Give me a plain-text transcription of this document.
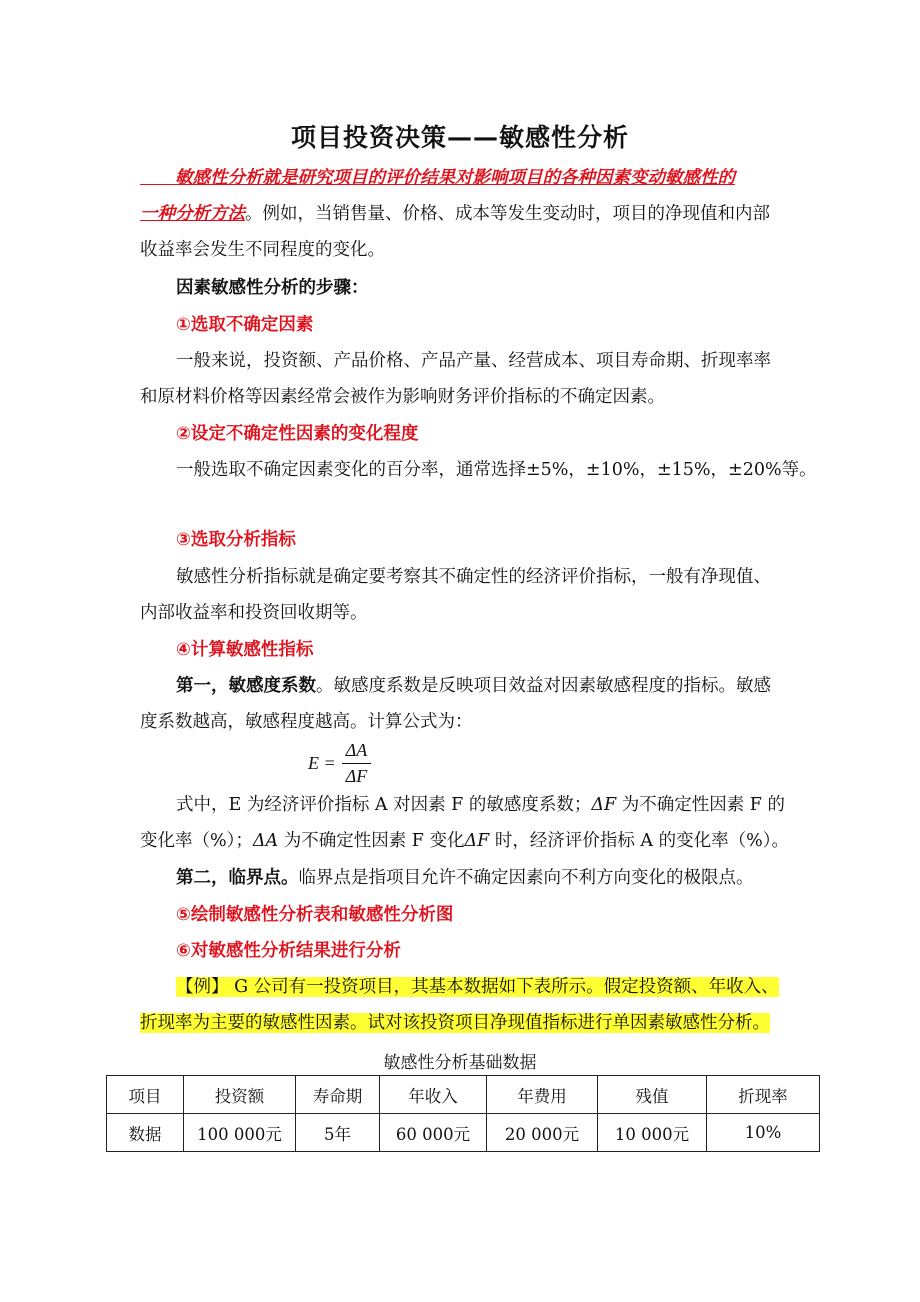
项目投资决策——敏感性分析
  敏感性分析就是研究项目的评价结果对影响项目的各种因素变动敏感性的
一种分析方法。例如，当销售量、价格、成本等发生变动时，项目的净现值和内部
收益率会发生不同程度的变化。
因素敏感性分析的步骤：
①选取不确定因素
一般来说，投资额、产品价格、产品产量、经营成本、项目寿命期、折现率率
和原材料价格等因素经常会被作为影响财务评价指标的不确定因素。
②设定不确定性因素的变化程度
一般选取不确定因素变化的百分率，通常选择±5%，±10%，±15%，±20%等。
③选取分析指标
敏感性分析指标就是确定要考察其不确定性的经济评价指标，一般有净现值、
内部收益率和投资回收期等。
④计算敏感性指标
第一，敏感度系数。敏感度系数是反映项目效益对因素敏感程度的指标。敏感
度系数越高，敏感程度越高。计算公式为：
$E = \frac{\Delta A}{\Delta F}$
式中，E 为经济评价指标 A 对因素 F 的敏感度系数；ΔF 为不确定性因素 F 的
变化率（%）；ΔA 为不确定性因素 F 变化ΔF 时，经济评价指标 A 的变化率（%）。
第二，临界点。临界点是指项目允许不确定因素向不利方向变化的极限点。
⑤绘制敏感性分析表和敏感性分析图
⑥对敏感性分析结果进行分析
【例】 G 公司有一投资项目，其基本数据如下表所示。假定投资额、年收入、
折现率为主要的敏感性因素。试对该投资项目净现值指标进行单因素敏感性分析。
敏感性分析基础数据
项目	投资额	寿命期	年收入	年费用	残值	折现率
数据	100 000元	5年	60 000元	20 000元	10 000元	10%
